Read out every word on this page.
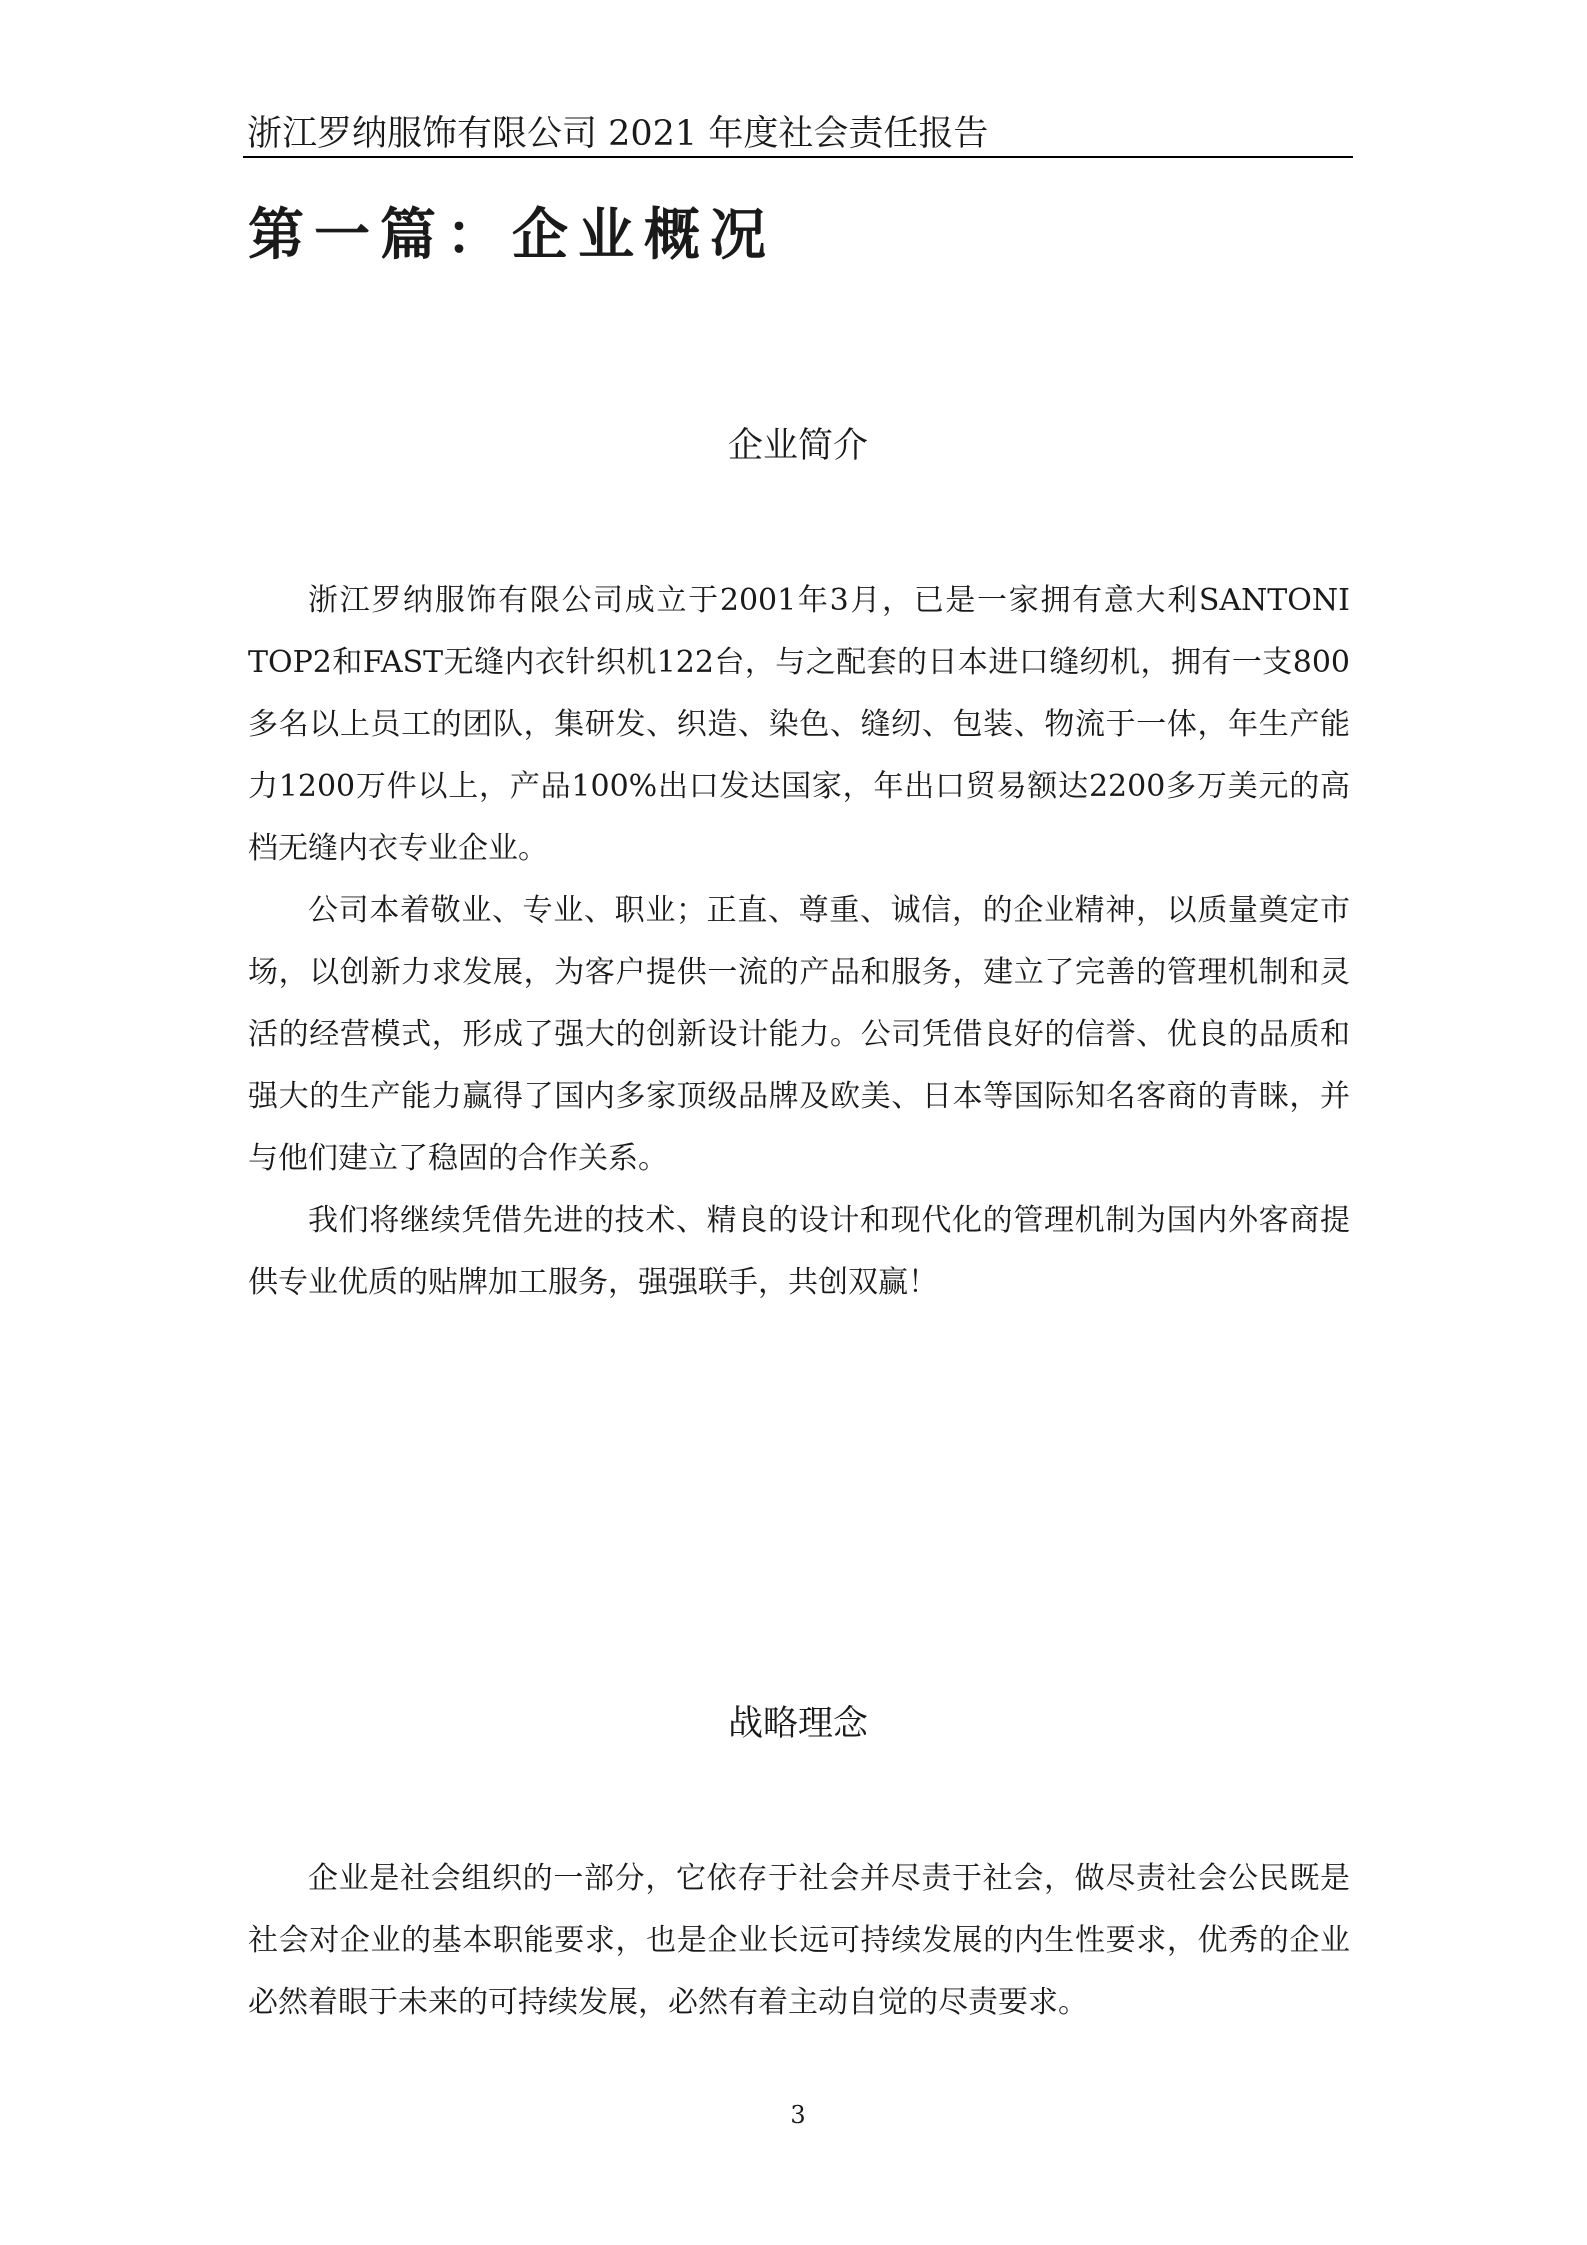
浙江罗纳服饰有限公司 2021 年度社会责任报告
第一篇：企业概况
企业简介

浙江罗纳服饰有限公司成立于2001年3月，已是一家拥有意大利SANTONI TOP2和FAST无缝内衣针织机122台，与之配套的日本进口缝纫机，拥有一支800多名以上员工的团队，集研发、织造、染色、缝纫、包装、物流于一体，年生产能力1200万件以上，产品100%出口发达国家，年出口贸易额达2200多万美元的高档无缝内衣专业企业。

公司本着敬业、专业、职业；正直、尊重、诚信，的企业精神，以质量奠定市场，以创新力求发展，为客户提供一流的产品和服务，建立了完善的管理机制和灵活的经营模式，形成了强大的创新设计能力。公司凭借良好的信誉、优良的品质和强大的生产能力赢得了国内多家顶级品牌及欧美、日本等国际知名客商的青睐，并与他们建立了稳固的合作关系。

我们将继续凭借先进的技术、精良的设计和现代化的管理机制为国内外客商提供专业优质的贴牌加工服务，强强联手，共创双赢！

战略理念

企业是社会组织的一部分，它依存于社会并尽责于社会，做尽责社会公民既是社会对企业的基本职能要求，也是企业长远可持续发展的内生性要求，优秀的企业必然着眼于未来的可持续发展，必然有着主动自觉的尽责要求。

3
